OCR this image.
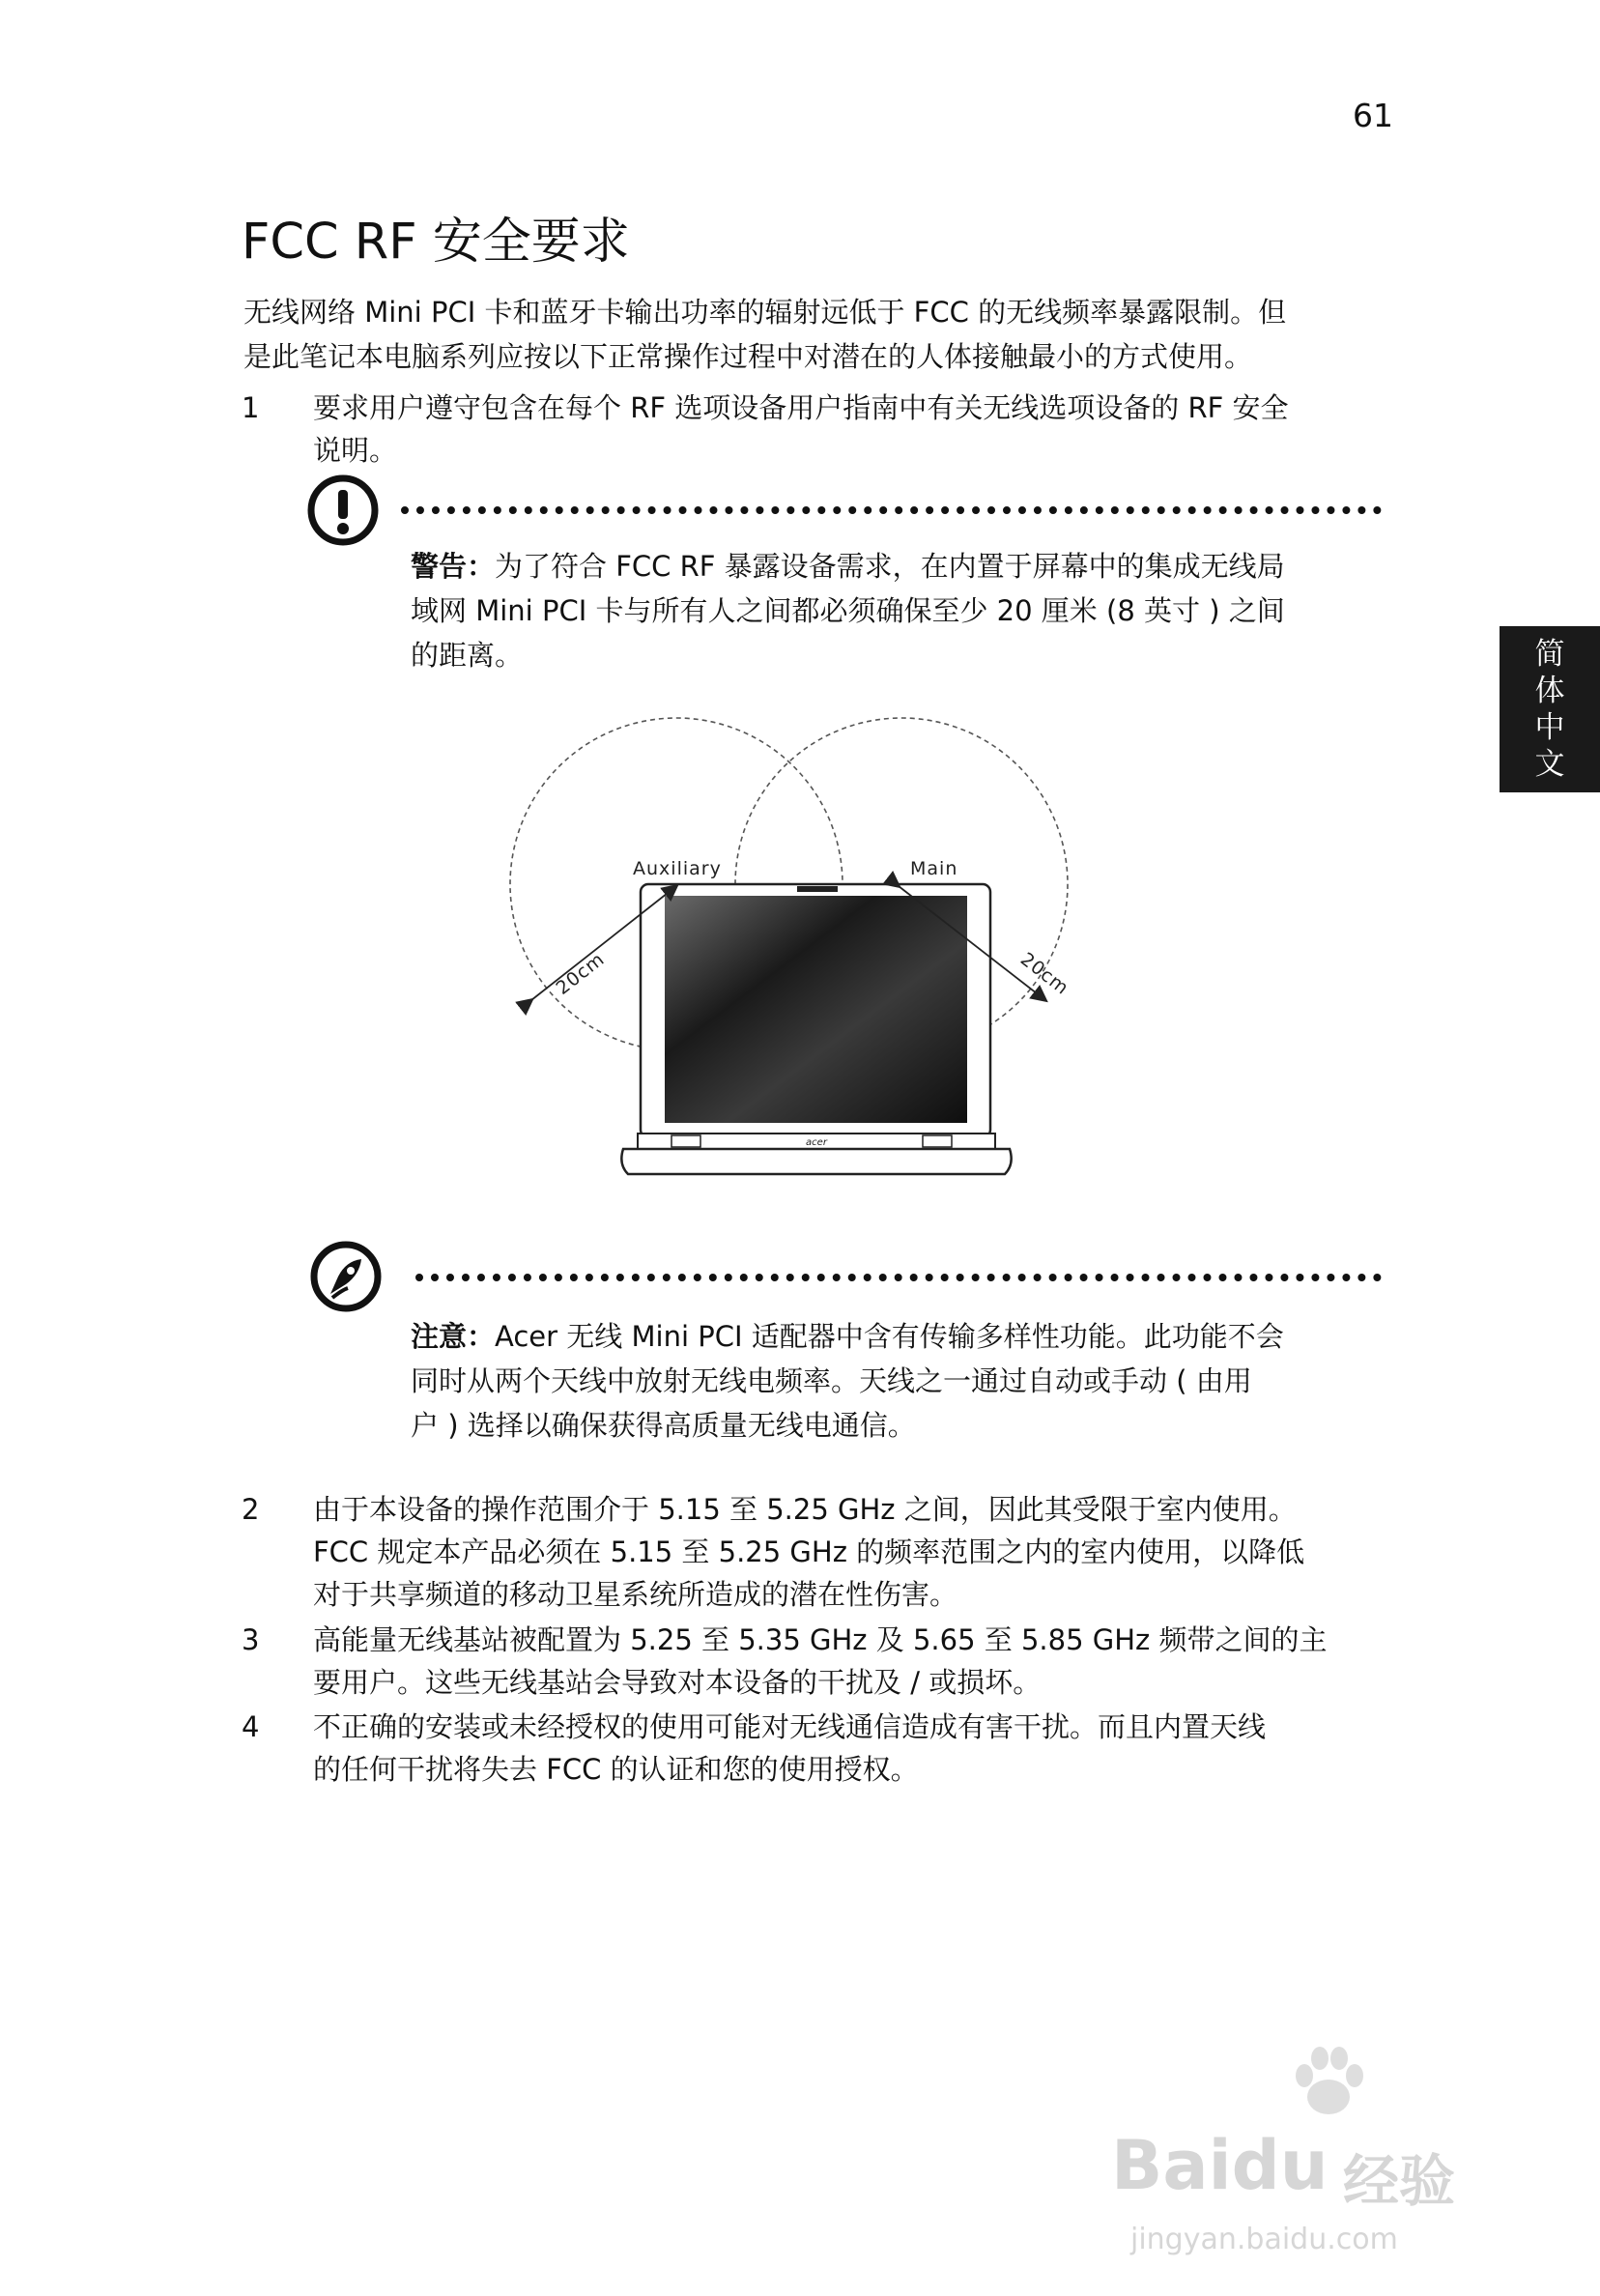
61
FCC RF 安全要求
无线网络 Mini PCI 卡和蓝牙卡输出功率的辐射远低于 FCC 的无线频率暴露限制。但
是此笔记本电脑系列应按以下正常操作过程中对潜在的人体接触最小的方式使用。
1	要求用户遵守包含在每个 RF 选项设备用户指南中有关无线选项设备的 RF 安全
说明。
警告：为了符合 FCC RF 暴露设备需求，在内置于屏幕中的集成无线局
域网 Mini PCI 卡与所有人之间都必须确保至少 20 厘米 (8 英寸 ) 之间
的距离。
acer
Auxiliary	Main
20cm	20cm
注意：Acer 无线 Mini PCI 适配器中含有传输多样性功能。此功能不会
同时从两个天线中放射无线电频率。天线之一通过自动或手动 ( 由用
户 ) 选择以确保获得高质量无线电通信。
2	由于本设备的操作范围介于 5.15 至 5.25 GHz 之间，因此其受限于室内使用。
FCC 规定本产品必须在 5.15 至 5.25 GHz 的频率范围之内的室内使用，以降低
对于共享频道的移动卫星系统所造成的潜在性伤害。
3	高能量无线基站被配置为 5.25 至 5.35 GHz 及 5.65 至 5.85 GHz 频带之间的主
要用户。这些无线基站会导致对本设备的干扰及 / 或损坏。
4	不正确的安装或未经授权的使用可能对无线通信造成有害干扰。而且内置天线
的任何干扰将失去 FCC 的认证和您的使用授权。
简体中文
Baidu 经验
jingyan.baidu.com
